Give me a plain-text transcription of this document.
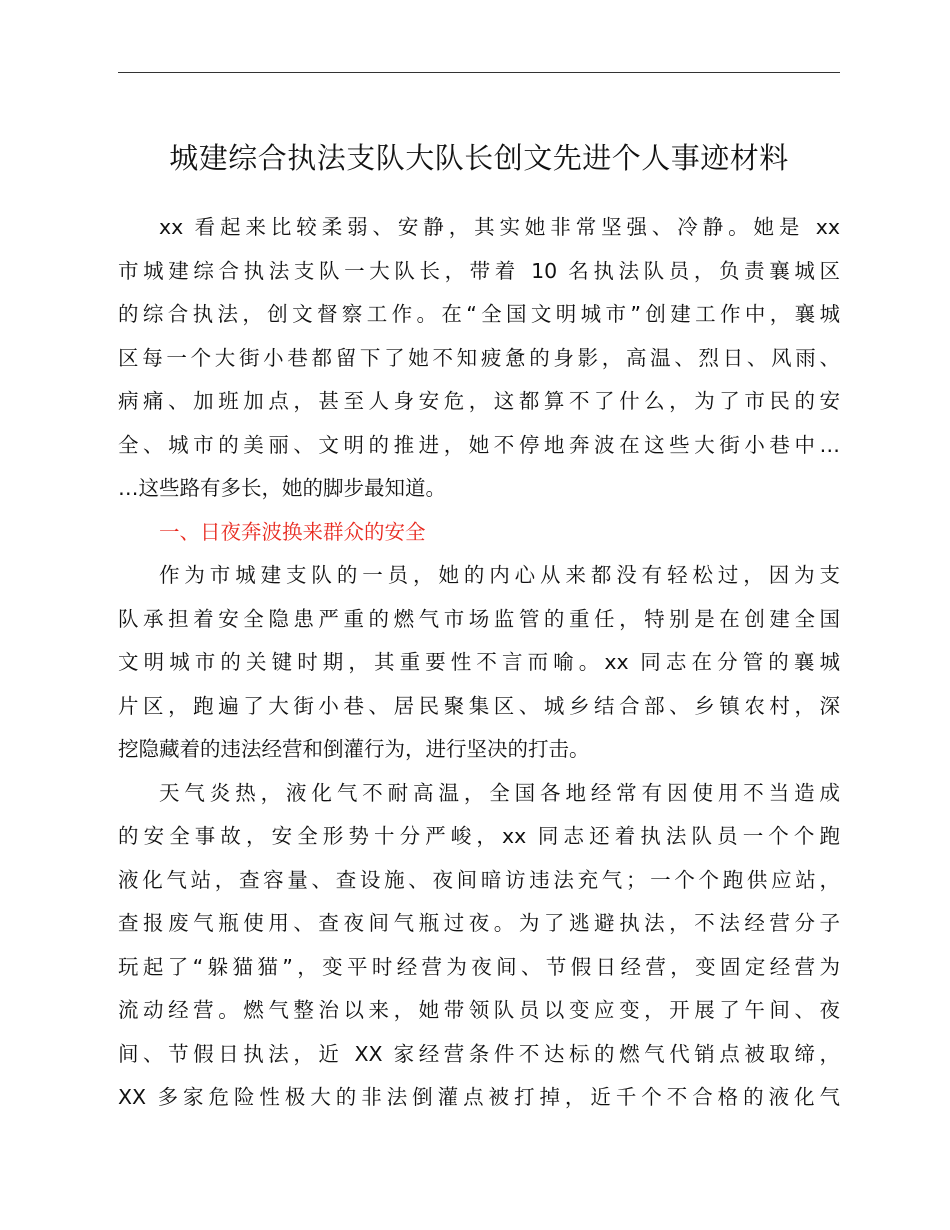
城建综合执法支队大队长创文先进个人事迹材料
xx 看起来比较柔弱、安静，其实她非常坚强、冷静。她是 xx
市城建综合执法支队一大队长，带着 10 名执法队员，负责襄城区
的综合执法，创文督察工作。在“全国文明城市”创建工作中，襄城
区每一个大街小巷都留下了她不知疲惫的身影，高温、烈日、风雨、
病痛、加班加点，甚至人身安危，这都算不了什么，为了市民的安
全、城市的美丽、文明的推进，她不停地奔波在这些大街小巷中…
…这些路有多长，她的脚步最知道。
一、日夜奔波换来群众的安全
作为市城建支队的一员，她的内心从来都没有轻松过，因为支
队承担着安全隐患严重的燃气市场监管的重任，特别是在创建全国
文明城市的关键时期，其重要性不言而喻。xx 同志在分管的襄城
片区，跑遍了大街小巷、居民聚集区、城乡结合部、乡镇农村，深
挖隐藏着的违法经营和倒灌行为，进行坚决的打击。
天气炎热，液化气不耐高温，全国各地经常有因使用不当造成
的安全事故，安全形势十分严峻，xx 同志还着执法队员一个个跑
液化气站，查容量、查设施、夜间暗访违法充气；一个个跑供应站，
查报废气瓶使用、查夜间气瓶过夜。为了逃避执法，不法经营分子
玩起了“躲猫猫”，变平时经营为夜间、节假日经营，变固定经营为
流动经营。燃气整治以来，她带领队员以变应变，开展了午间、夜
间、节假日执法，近 XX 家经营条件不达标的燃气代销点被取缔，
XX 多家危险性极大的非法倒灌点被打掉，近千个不合格的液化气
